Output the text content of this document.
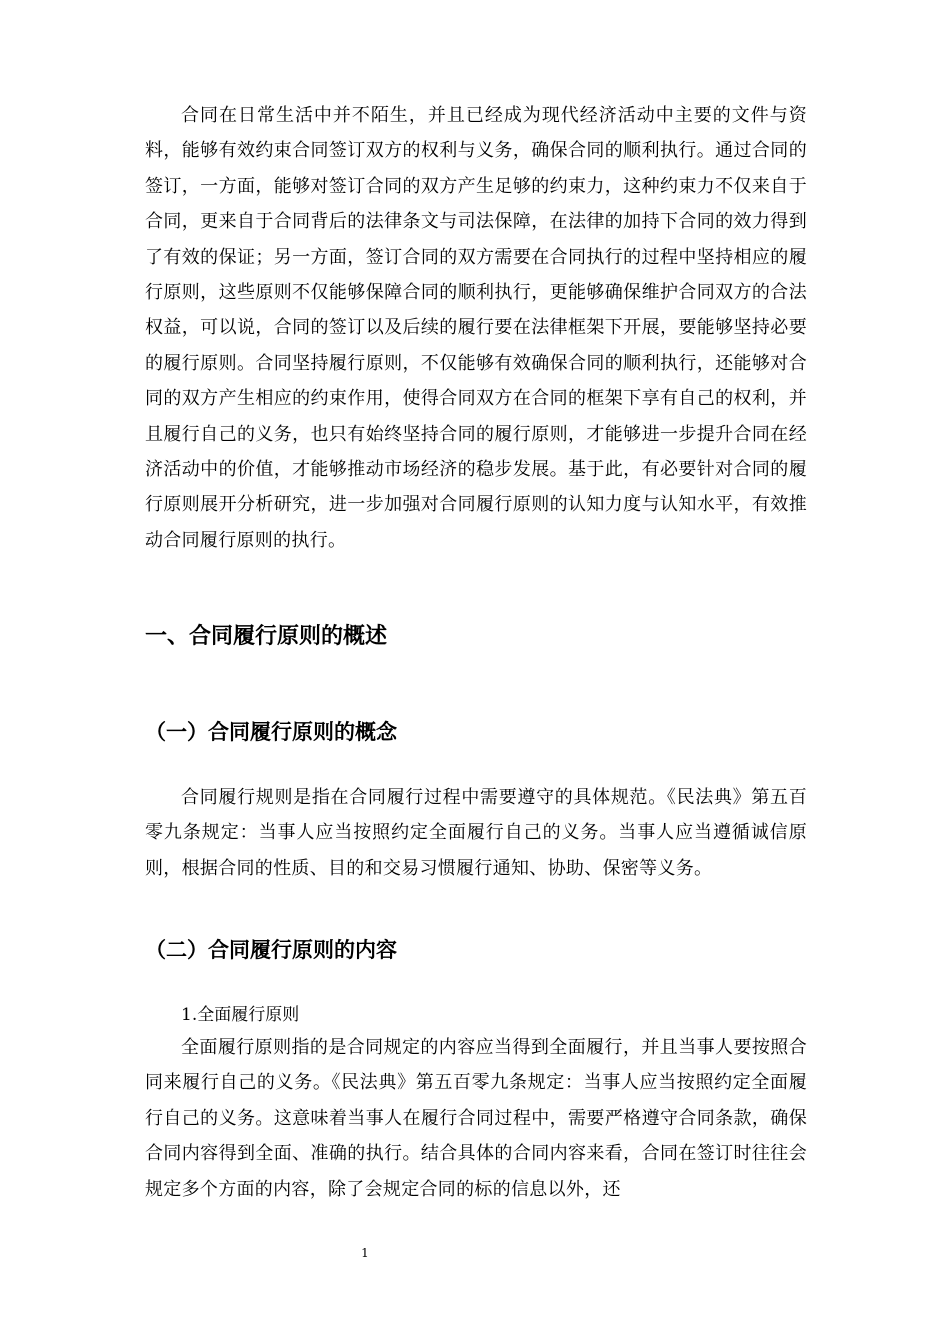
合同在日常生活中并不陌生，并且已经成为现代经济活动中主要的文件与资料，能够有效约束合同签订双方的权利与义务，确保合同的顺利执行。通过合同的签订，一方面，能够对签订合同的双方产生足够的约束力，这种约束力不仅来自于合同，更来自于合同背后的法律条文与司法保障，在法律的加持下合同的效力得到了有效的保证；另一方面，签订合同的双方需要在合同执行的过程中坚持相应的履行原则，这些原则不仅能够保障合同的顺利执行，更能够确保维护合同双方的合法权益，可以说，合同的签订以及后续的履行要在法律框架下开展，要能够坚持必要的履行原则。合同坚持履行原则，不仅能够有效确保合同的顺利执行，还能够对合同的双方产生相应的约束作用，使得合同双方在合同的框架下享有自己的权利，并且履行自己的义务，也只有始终坚持合同的履行原则，才能够进一步提升合同在经济活动中的价值，才能够推动市场经济的稳步发展。基于此，有必要针对合同的履行原则展开分析研究，进一步加强对合同履行原则的认知力度与认知水平，有效推动合同履行原则的执行。

一、合同履行原则的概述
（一）合同履行原则的概念

合同履行规则是指在合同履行过程中需要遵守的具体规范。《民法典》第五百零九条规定：当事人应当按照约定全面履行自己的义务。当事人应当遵循诚信原则，根据合同的性质、目的和交易习惯履行通知、协助、保密等义务。

（二）合同履行原则的内容
1.全面履行原则

全面履行原则指的是合同规定的内容应当得到全面履行，并且当事人要按照合同来履行自己的义务。《民法典》第五百零九条规定：当事人应当按照约定全面履行自己的义务。这意味着当事人在履行合同过程中，需要严格遵守合同条款，确保合同内容得到全面、准确的执行。结合具体的合同内容来看，合同在签订时往往会规定多个方面的内容，除了会规定合同的标的信息以外，还

1
